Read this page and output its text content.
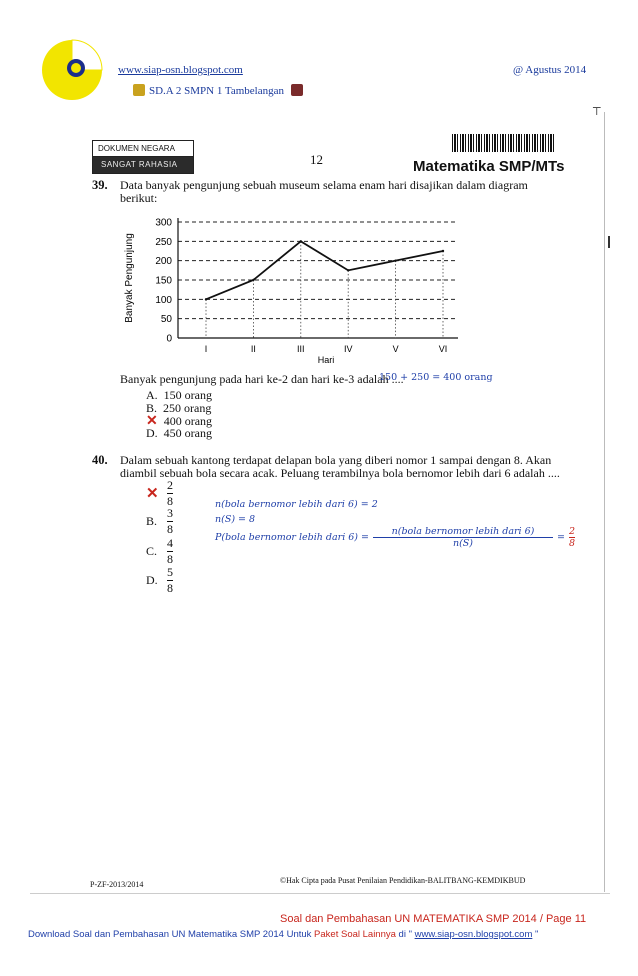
www.siap-osn.blogspot.com	@ Agustus 2014
SD.A 2 SMPN 1 Tambelangan
⊤
DOKUMEN NEGARA
SANGAT RAHASIA	12	Matematika SMP/MTs
39. Data banyak pengunjung sebuah museum selama enam hari disajikan dalam diagram
berikut:
0
50
100
150
200
250
300
I	II	III	IV	V	VI
Banyak Pengunjung
Hari
Banyak pengunjung pada hari ke-2 dan hari ke-3 adalah ....
150 + 250 = 400 orang
A. 150 orang
B. 250 orang
✕ 400 orang
D. 450 orang
40. Dalam sebuah kantong terdapat delapan bola yang diberi nomor 1 sampai dengan 8. Akan
diambil sebuah bola secara acak. Peluang terambilnya bola bernomor lebih dari 6 adalah ....
✕ $\frac{2}{8}$
B. $\frac{3}{8}$
C. $\frac{4}{8}$
D. $\frac{5}{8}$
n(bola bernomor lebih dari 6) = 2
n(S) = 8
P(bola bernomor lebih dari $6) = \frac{\text{n(bola bernomor lebih dari 6)}}{n(S)} = \frac{2}{8}$
P-ZF-2013/2014	©Hak Cipta pada Pusat Penilaian Pendidikan-BALITBANG-KEMDIKBUD
Soal dan Pembahasan UN MATEMATIKA SMP 2014 / Page 11
Download Soal dan Pembahasan UN Matematika SMP 2014 Untuk Paket Soal Lainnya di " www.siap-osn.blogspot.com "
